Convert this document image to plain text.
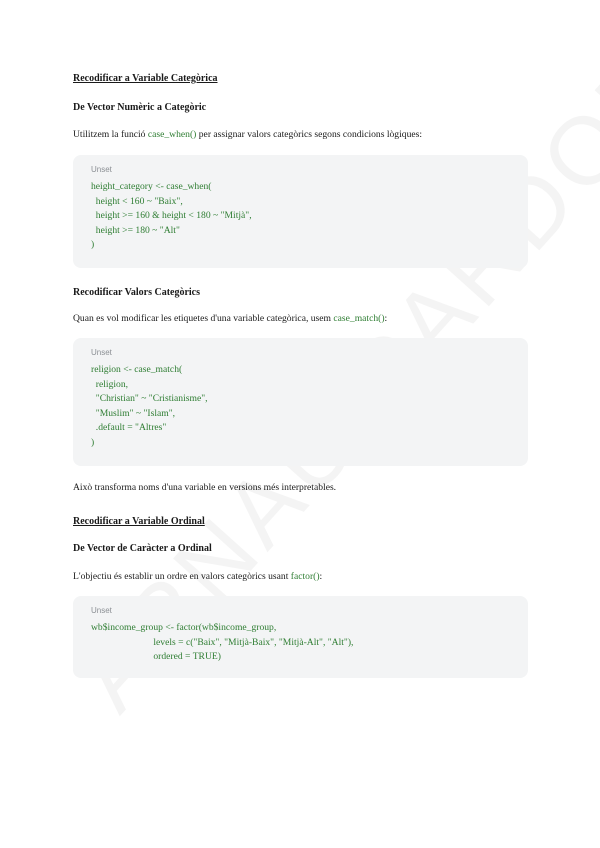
Recodificar a Variable Categòrica
De Vector Numèric a Categòric

Utilitzem la funció case_when() per assignar valors categòrics segons condicions lògiques:

Unset
height_category <- case_when(
height < 160 ~ "Baix",
height >= 160 & height < 180 ~ "Mitjà",
height >= 180 ~ "Alt"
)
Recodificar Valors Categòrics

Quan es vol modificar les etiquetes d'una variable categòrica, usem case_match():

Unset
religion <- case_match(
religion,
"Christian" ~ "Cristianisme",
"Muslim" ~ "Islam",
.default = "Altres"
)

Això transforma noms d'una variable en versions més interpretables.

Recodificar a Variable Ordinal
De Vector de Caràcter a Ordinal

L'objectiu és establir un ordre en valors categòrics usant factor():

Unset
wb$income_group <- factor(wb$income_group,
levels = c("Baix", "Mitjà-Baix", "Mitjà-Alt", "Alt"),
ordered = TRUE)
